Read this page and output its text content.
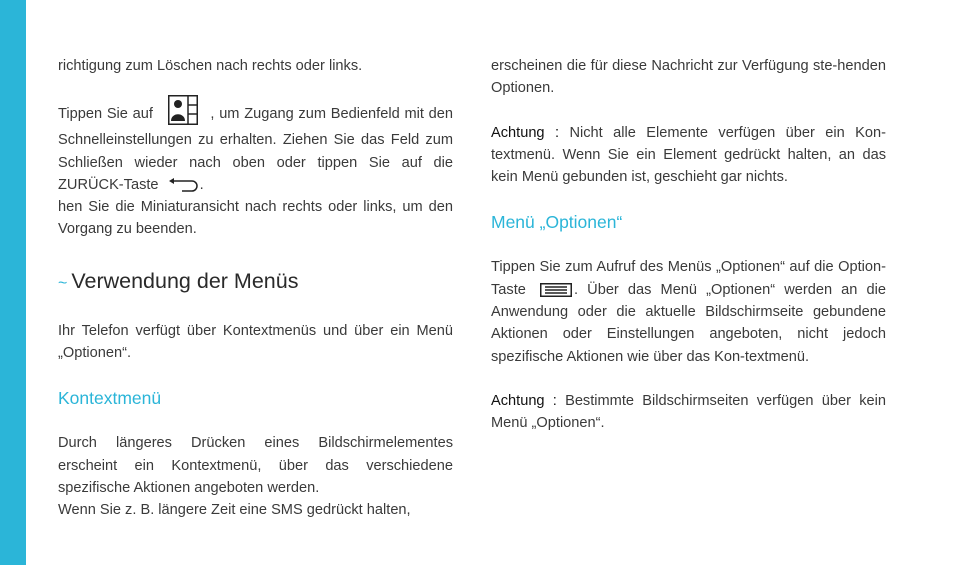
richtigung zum Löschen nach rechts oder links.

Tippen Sie auf	, um Zugang zum Bedienfeld mit den Schnelleinstellungen zu erhalten. Ziehen Sie das Feld zum Schließen wieder nach oben oder tippen Sie auf die ZURÜCK-Taste	.

hen Sie die Miniaturansicht nach rechts oder links, um den Vorgang zu beenden.

~ Verwendung der Menüs

Ihr Telefon verfügt über Kontextmenüs und über ein Menü „Optionen“.

Kontextmenü

Durch längeres Drücken eines Bildschirmelementes erscheint ein Kontextmenü, über das verschiedene spezifische Aktionen angeboten werden.

Wenn Sie z. B. längere Zeit eine SMS gedrückt halten,

erscheinen die für diese Nachricht zur Verfügung ste-henden Optionen.

Achtung : Nicht alle Elemente verfügen über ein Kon-textmenü. Wenn Sie ein Element gedrückt halten, an das kein Menü gebunden ist, geschieht gar nichts.

Menü „Optionen“

Tippen Sie zum Aufruf des Menüs „Optionen“ auf die Option-Taste	. Über das Menü „Optionen“ werden an die Anwendung oder die aktuelle Bildschirmseite gebundene Aktionen oder Einstellungen angeboten, nicht jedoch spezifische Aktionen wie über das Kon-textmenü.

Achtung : Bestimmte Bildschirmseiten verfügen über kein Menü „Optionen“.
